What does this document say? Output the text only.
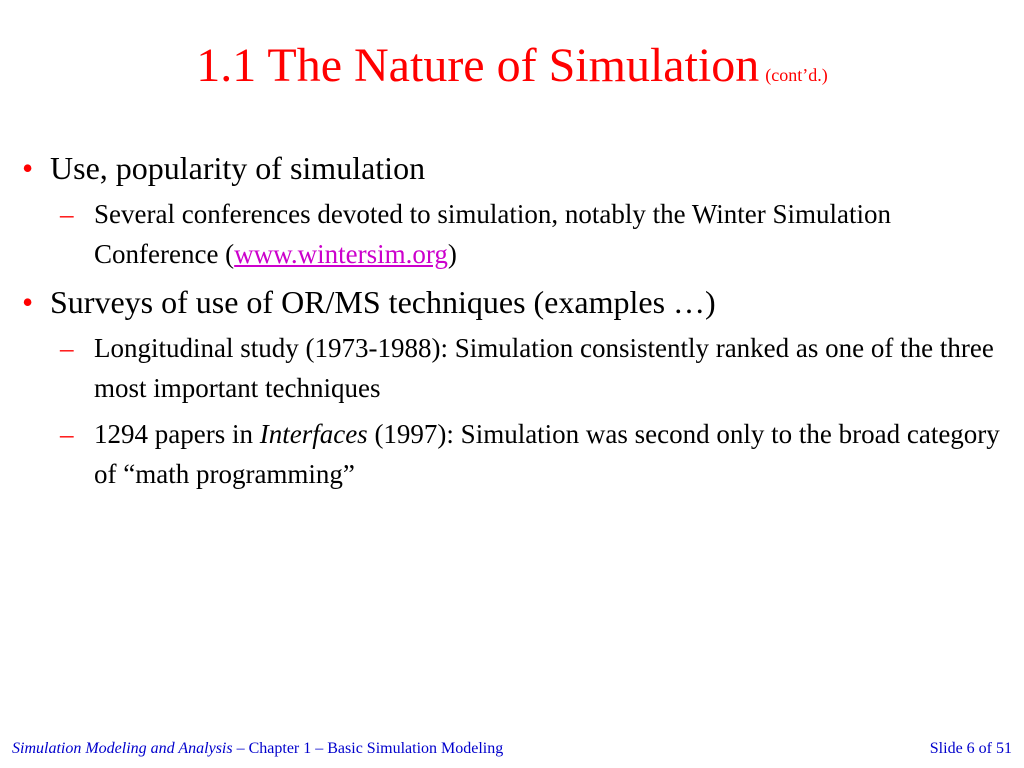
1.1 The Nature of Simulation (cont’d.)
• Use, popularity of simulation
– Several conferences devoted to simulation, notably the Winter Simulation Conference (www.wintersim.org)
• Surveys of use of OR/MS techniques (examples …)
– Longitudinal study (1973-1988): Simulation consistently ranked as one of the three most important techniques
– 1294 papers in Interfaces (1997): Simulation was second only to the broad category of “math programming”
Simulation Modeling and Analysis – Chapter 1 – Basic Simulation Modeling	Slide 6 of 51
